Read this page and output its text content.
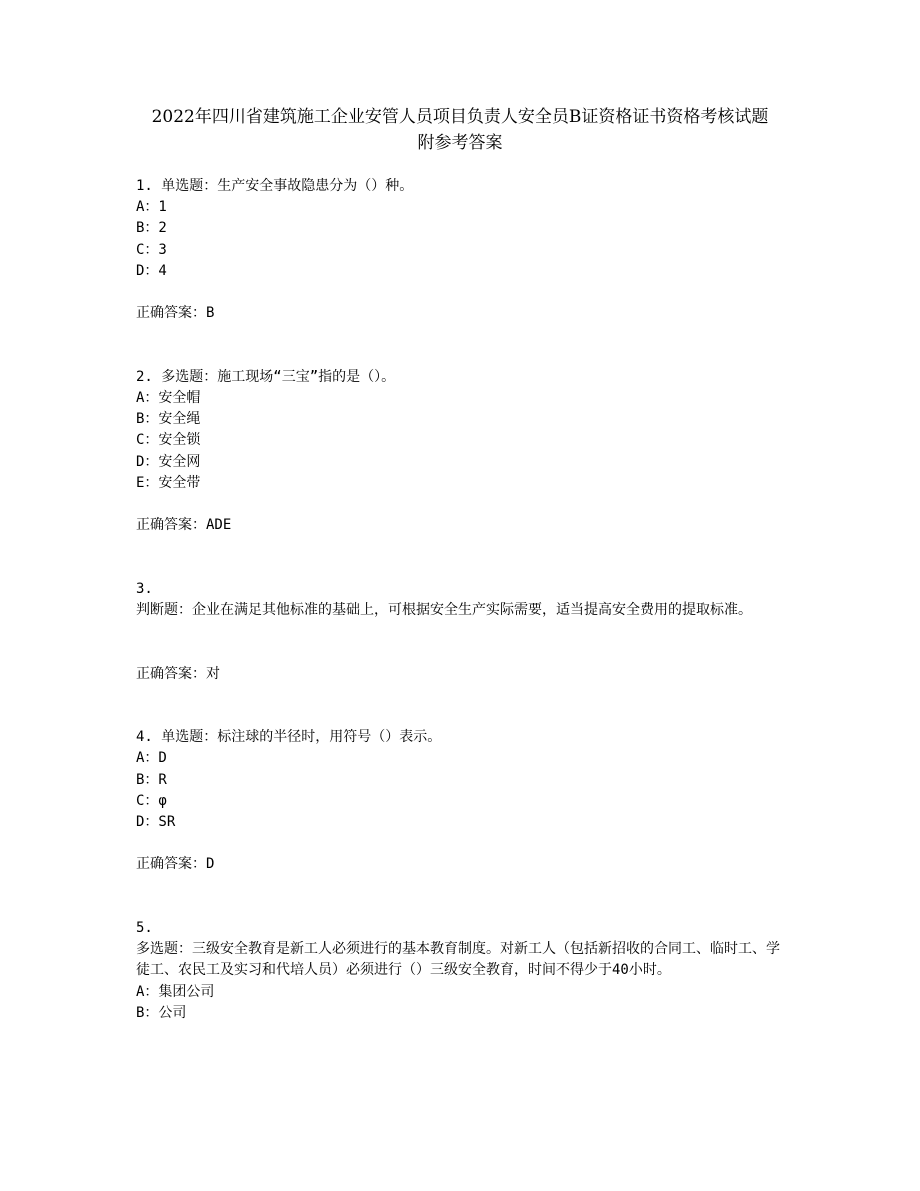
2022年四川省建筑施工企业安管人员项目负责人安全员B证资格证书资格考核试题
附参考答案
1. 单选题：生产安全事故隐患分为（）种。
A：1
B：2
C：3
D：4
正确答案：B
2. 多选题：施工现场“三宝”指的是（）。
A：安全帽
B：安全绳
C：安全锁
D：安全网
E：安全带
正确答案：ADE
3.
判断题：企业在满足其他标准的基础上，可根据安全生产实际需要，适当提高安全费用的提取标准。
正确答案：对
4. 单选题：标注球的半径时，用符号（）表示。
A：D
B：R
C：φ
D：SR
正确答案：D
5.
多选题：三级安全教育是新工人必须进行的基本教育制度。对新工人（包括新招收的合同工、临时工、学徒工、农民工及实习和代培人员）必须进行（）三级安全教育，时间不得少于40小时。
A：集团公司
B：公司
